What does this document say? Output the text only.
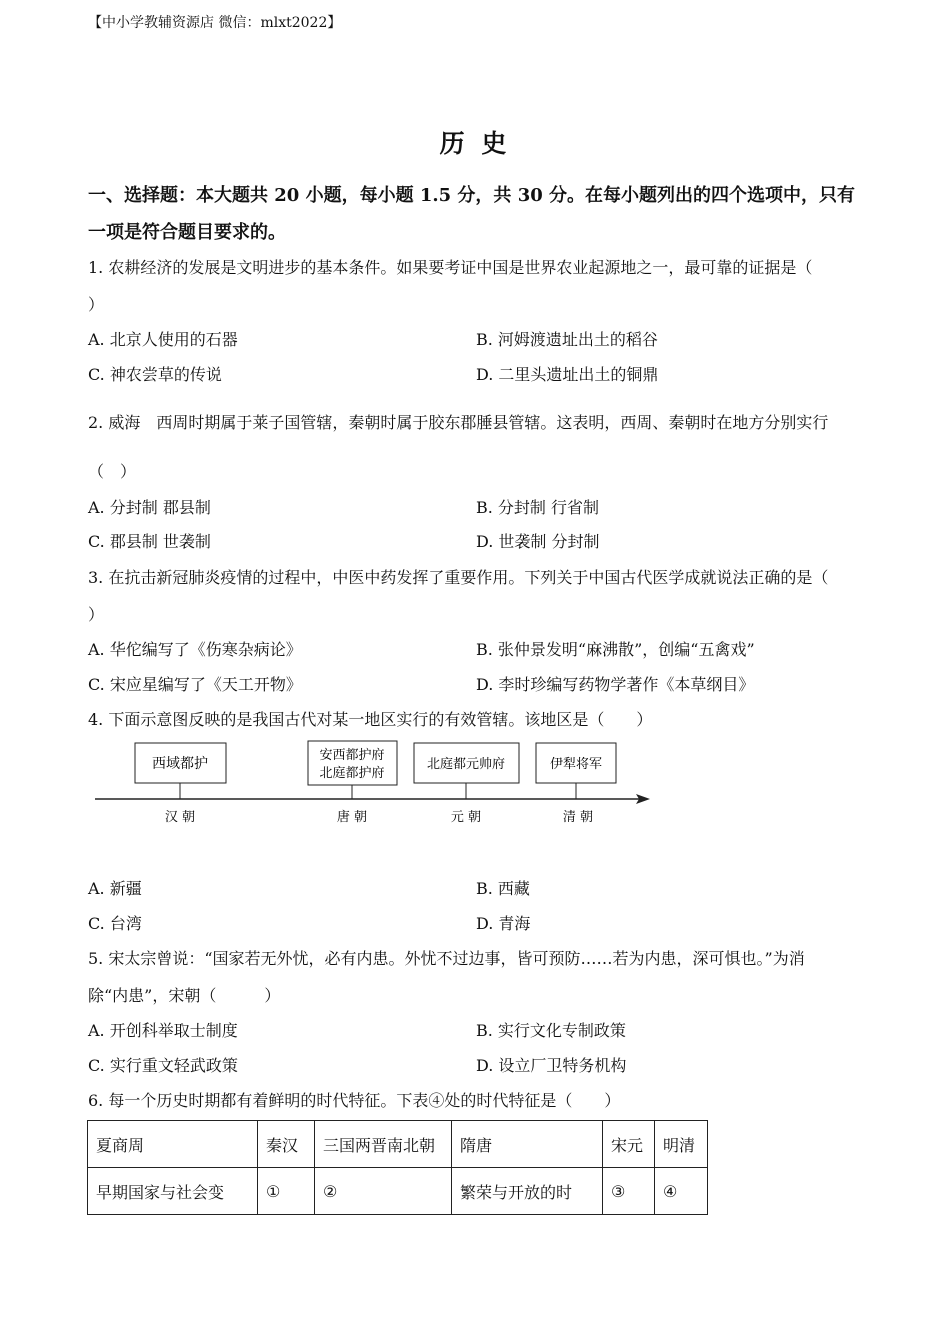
【中小学教辅资源店 微信：mlxt2022】
历 史
一、选择题：本大题共 20 小题，每小题 1.5 分，共 30 分。在每小题列出的四个选项中，只有
一项是符合题目要求的。
1. 农耕经济的发展是文明进步的基本条件。如果要考证中国是世界农业起源地之一，最可靠的证据是（
）
A. 北京人使用的石器	B. 河姆渡遗址出土的稻谷
C. 神农尝草的传说	D. 二里头遗址出土的铜鼎
2. 威海　西周时期属于莱子国管辖，秦朝时属于胶东郡腄县管辖。这表明，西周、秦朝时在地方分别实行
（　）
A. 分封制 郡县制	B. 分封制 行省制
C. 郡县制 世袭制	D. 世袭制 分封制
3. 在抗击新冠肺炎疫情的过程中，中医中药发挥了重要作用。下列关于中国古代医学成就说法正确的是（
）
A. 华佗编写了《伤寒杂病论》	B. 张仲景发明“麻沸散”，创编“五禽戏”
C. 宋应星编写了《天工开物》	D. 李时珍编写药物学著作《本草纲目》
4. 下面示意图反映的是我国古代对某一地区实行的有效管辖。该地区是（　　）
西域都护
安西都护府
北庭都护府
北庭都元帅府	伊犁将军
汉 朝	唐 朝	元 朝	清 朝
A. 新疆	B. 西藏
C. 台湾	D. 青海
5. 宋太宗曾说：“国家若无外忧，必有内患。外忧不过边事，皆可预防……若为内患，深可惧也。”为消
除“内患”，宋朝（　　　）
A. 开创科举取士制度	B. 实行文化专制政策
C. 实行重文轻武政策	D. 设立厂卫特务机构
6. 每一个历史时期都有着鲜明的时代特征。下表④处的时代特征是（　　）
夏商周	秦汉	三国两晋南北朝	隋唐	宋元	明清
早期国家与社会变	①	②	繁荣与开放的时	③	④
